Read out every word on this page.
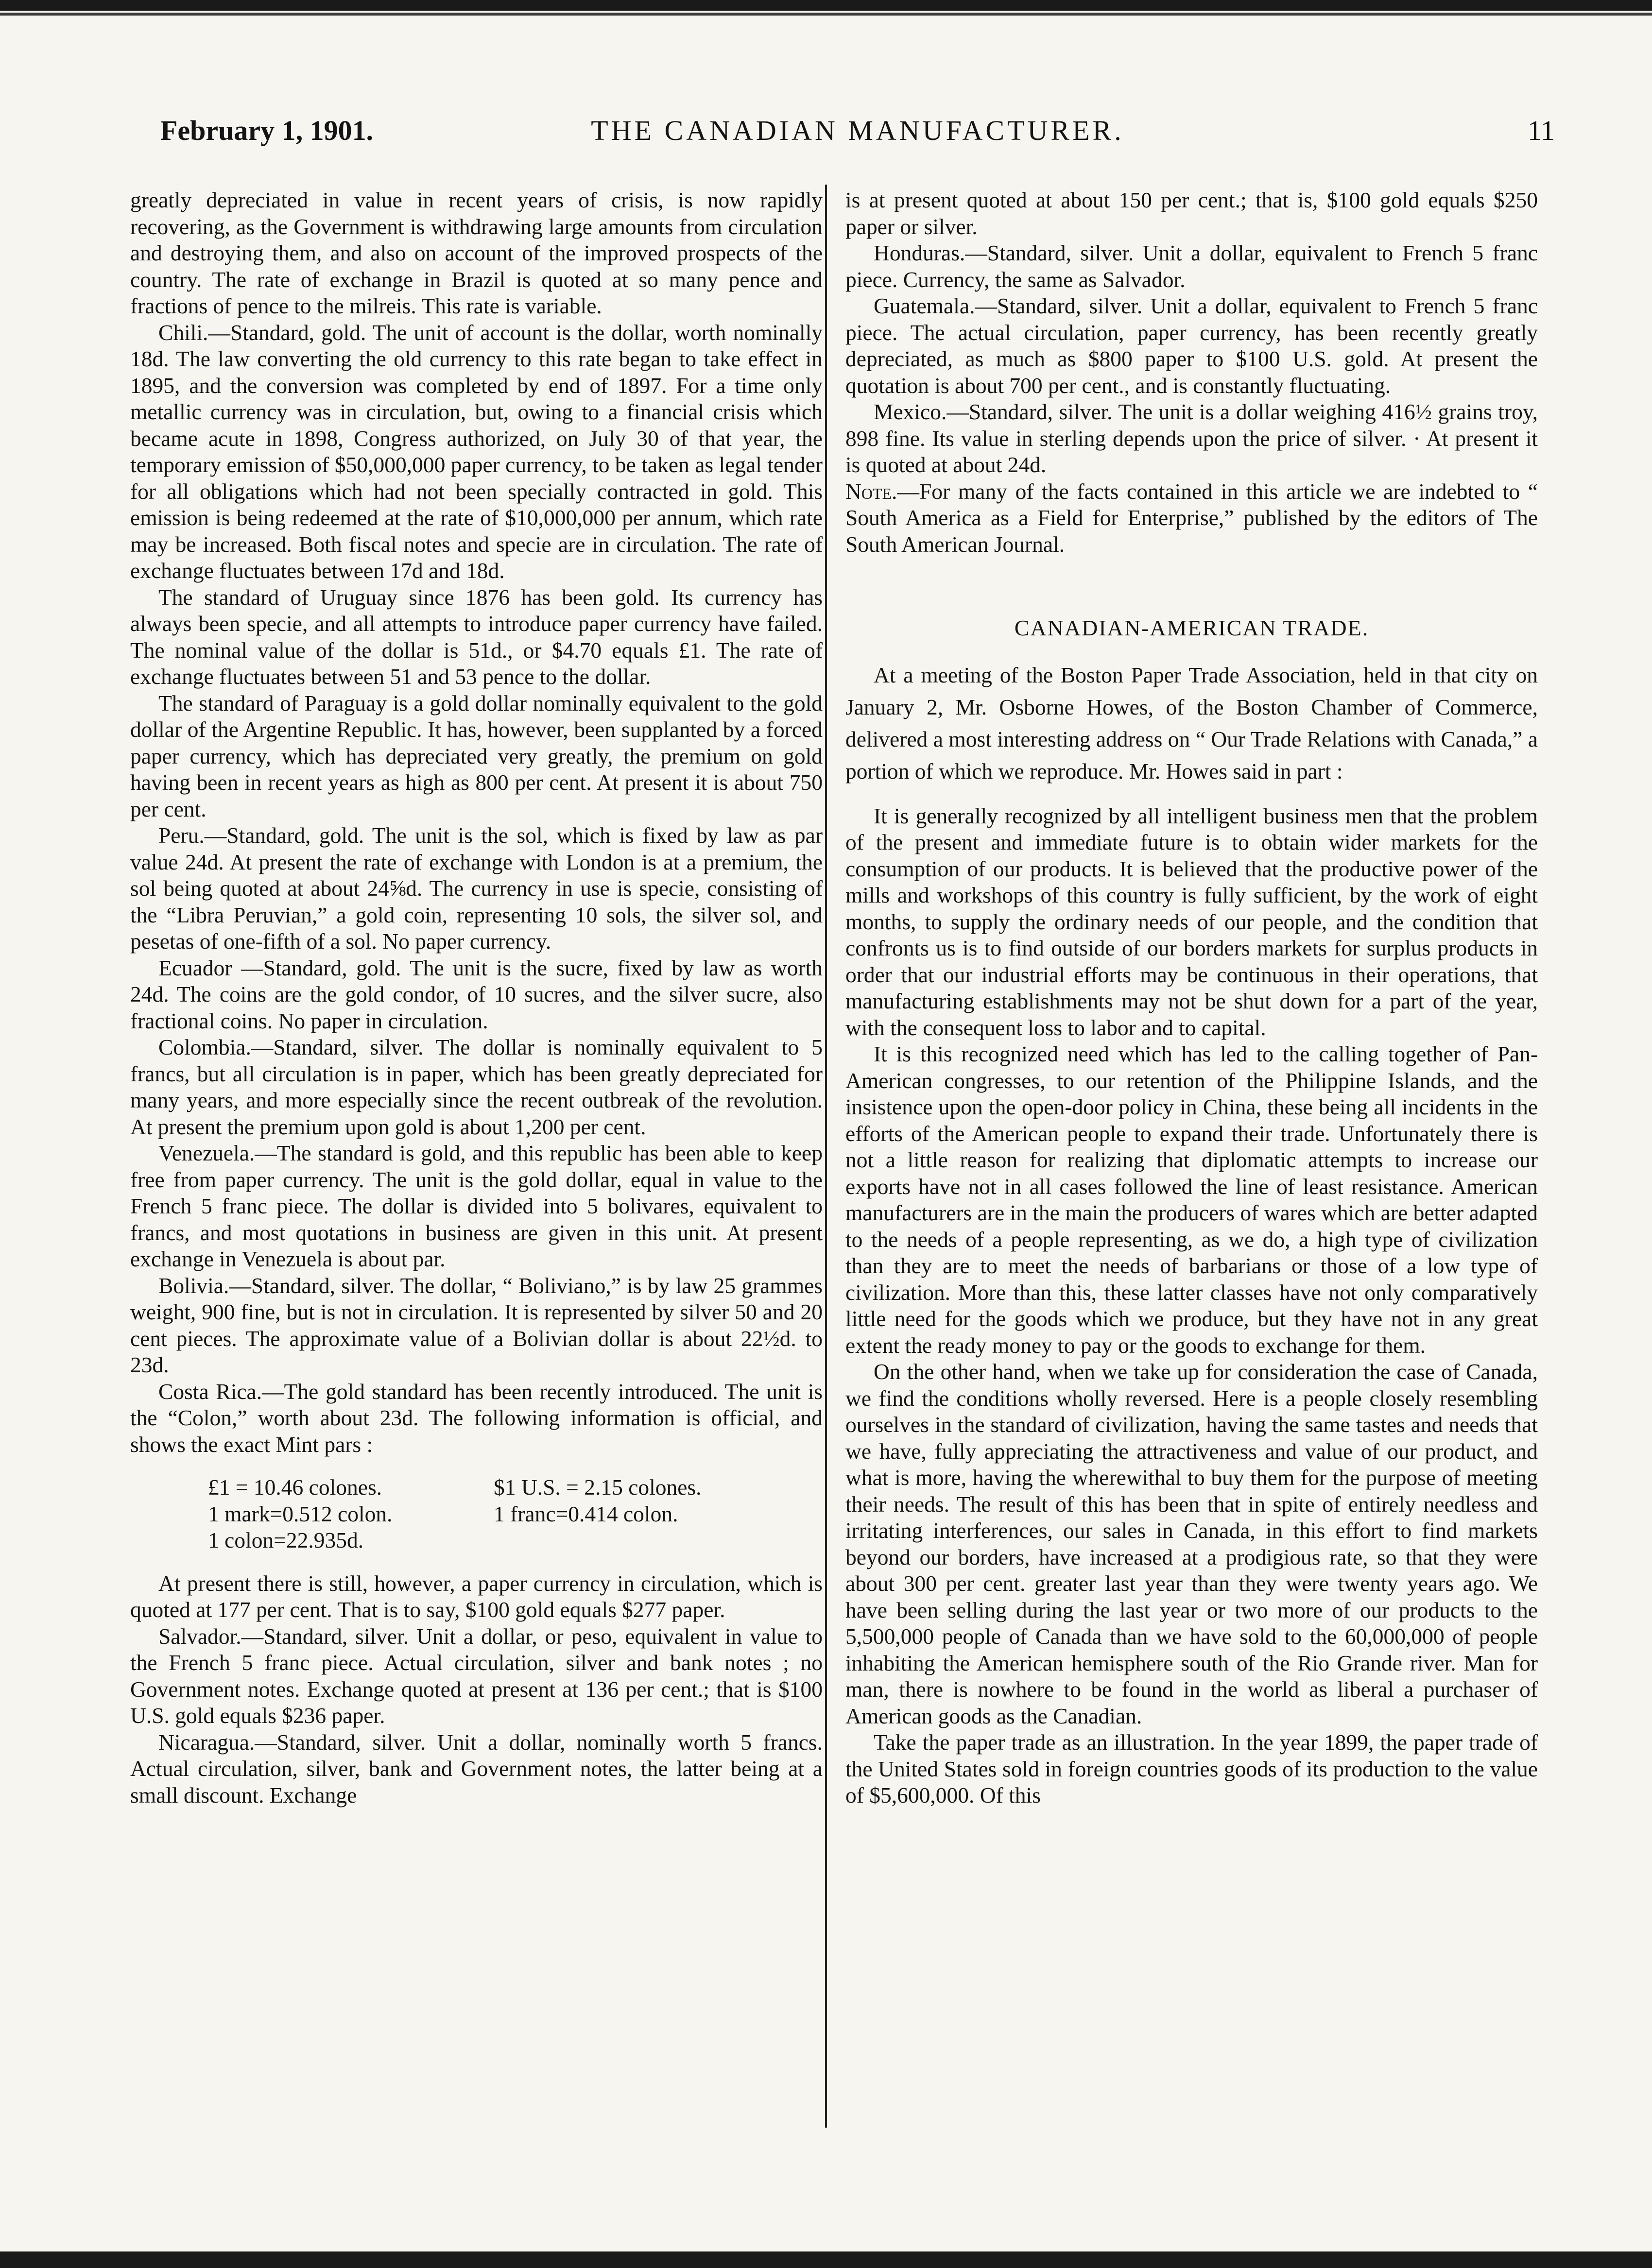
THE CANADIAN MANUFACTURER.
February 1, 1901.	11

greatly depreciated in value in recent years of crisis, is now rapidly recovering, as the Government is withdrawing large amounts from circulation and destroying them, and also on account of the improved prospects of the country. The rate of exchange in Brazil is quoted at so many pence and fractions of pence to the milreis. This rate is variable.

Chili.—Standard, gold. The unit of account is the dollar, worth nominally 18d. The law converting the old currency to this rate began to take effect in 1895, and the conversion was completed by end of 1897. For a time only metallic currency was in circulation, but, owing to a financial crisis which became acute in 1898, Congress authorized, on July 30 of that year, the temporary emission of $50,000,000 paper currency, to be taken as legal tender for all obligations which had not been specially contracted in gold. This emission is being redeemed at the rate of $10,000,000 per annum, which rate may be increased. Both fiscal notes and specie are in circulation. The rate of exchange fluctuates between 17d and 18d.

The standard of Uruguay since 1876 has been gold. Its currency has always been specie, and all attempts to introduce paper currency have failed. The nominal value of the dollar is 51d., or $4.70 equals £1. The rate of exchange fluctuates between 51 and 53 pence to the dollar.

The standard of Paraguay is a gold dollar nominally equivalent to the gold dollar of the Argentine Republic. It has, however, been supplanted by a forced paper currency, which has depreciated very greatly, the premium on gold having been in recent years as high as 800 per cent. At present it is about 750 per cent.

Peru.—Standard, gold. The unit is the sol, which is fixed by law as par value 24d. At present the rate of exchange with London is at a premium, the sol being quoted at about 24⅝d. The currency in use is specie, consisting of the “Libra Peruvian,” a gold coin, representing 10 sols, the silver sol, and pesetas of one-fifth of a sol. No paper currency.

Ecuador —Standard, gold. The unit is the sucre, fixed by law as worth 24d. The coins are the gold condor, of 10 sucres, and the silver sucre, also fractional coins. No paper in circulation.

Colombia.—Standard, silver. The dollar is nominally equivalent to 5 francs, but all circulation is in paper, which has been greatly depreciated for many years, and more especially since the recent outbreak of the revolution. At present the premium upon gold is about 1,200 per cent.

Venezuela.—The standard is gold, and this republic has been able to keep free from paper currency. The unit is the gold dollar, equal in value to the French 5 franc piece. The dollar is divided into 5 bolivares, equivalent to francs, and most quotations in business are given in this unit. At present exchange in Venezuela is about par.

Bolivia.—Standard, silver. The dollar, “ Boliviano,” is by law 25 grammes weight, 900 fine, but is not in circulation. It is represented by silver 50 and 20 cent pieces. The approximate value of a Bolivian dollar is about 22½d. to 23d.

Costa Rica.—The gold standard has been recently introduced. The unit is the “Colon,” worth about 23d. The following information is official, and shows the exact Mint pars :

£1 = 10.46 colones.	$1 U.S. = 2.15 colones.
1 mark=0.512 colon.	1 franc=0.414 colon.
1 colon=22.935d.

At present there is still, however, a paper currency in circulation, which is quoted at 177 per cent. That is to say, $100 gold equals $277 paper.

Salvador.—Standard, silver. Unit a dollar, or peso, equivalent in value to the French 5 franc piece. Actual circulation, silver and bank notes ; no Government notes. Exchange quoted at present at 136 per cent.; that is $100 U.S. gold equals $236 paper.

Nicaragua.—Standard, silver. Unit a dollar, nominally worth 5 francs. Actual circulation, silver, bank and Government notes, the latter being at a small discount. Exchange

is at present quoted at about 150 per cent.; that is, $100 gold equals $250 paper or silver.

Honduras.—Standard, silver. Unit a dollar, equivalent to French 5 franc piece. Currency, the same as Salvador.

Guatemala.—Standard, silver. Unit a dollar, equivalent to French 5 franc piece. The actual circulation, paper currency, has been recently greatly depreciated, as much as $800 paper to $100 U.S. gold. At present the quotation is about 700 per cent., and is constantly fluctuating.

Mexico.—Standard, silver. The unit is a dollar weighing 416½ grains troy, 898 fine. Its value in sterling depends upon the price of silver. · At present it is quoted at about 24d.

Note.—For many of the facts contained in this article we are indebted to “ South America as a Field for Enterprise,” published by the editors of The South American Journal.

CANADIAN-AMERICAN TRADE.

At a meeting of the Boston Paper Trade Association, held in that city on January 2, Mr. Osborne Howes, of the Boston Chamber of Commerce, delivered a most interesting address on “ Our Trade Relations with Canada,” a portion of which we reproduce. Mr. Howes said in part :

It is generally recognized by all intelligent business men that the problem of the present and immediate future is to obtain wider markets for the consumption of our products. It is believed that the productive power of the mills and workshops of this country is fully sufficient, by the work of eight months, to supply the ordinary needs of our people, and the condition that confronts us is to find outside of our borders markets for surplus products in order that our industrial efforts may be continuous in their operations, that manufacturing establishments may not be shut down for a part of the year, with the consequent loss to labor and to capital.

It is this recognized need which has led to the calling together of Pan-American congresses, to our retention of the Philippine Islands, and the insistence upon the open-door policy in China, these being all incidents in the efforts of the American people to expand their trade. Unfortunately there is not a little reason for realizing that diplomatic attempts to increase our exports have not in all cases followed the line of least resistance. American manufacturers are in the main the producers of wares which are better adapted to the needs of a people representing, as we do, a high type of civilization than they are to meet the needs of barbarians or those of a low type of civilization. More than this, these latter classes have not only comparatively little need for the goods which we produce, but they have not in any great extent the ready money to pay or the goods to exchange for them.

On the other hand, when we take up for consideration the case of Canada, we find the conditions wholly reversed. Here is a people closely resembling ourselves in the standard of civilization, having the same tastes and needs that we have, fully appreciating the attractiveness and value of our product, and what is more, having the wherewithal to buy them for the purpose of meeting their needs. The result of this has been that in spite of entirely needless and irritating interferences, our sales in Canada, in this effort to find markets beyond our borders, have increased at a prodigious rate, so that they were about 300 per cent. greater last year than they were twenty years ago. We have been selling during the last year or two more of our products to the 5,500,000 people of Canada than we have sold to the 60,000,000 of people inhabiting the American hemisphere south of the Rio Grande river. Man for man, there is nowhere to be found in the world as liberal a purchaser of American goods as the Canadian.

Take the paper trade as an illustration. In the year 1899, the paper trade of the United States sold in foreign countries goods of its production to the value of $5,600,000. Of this
